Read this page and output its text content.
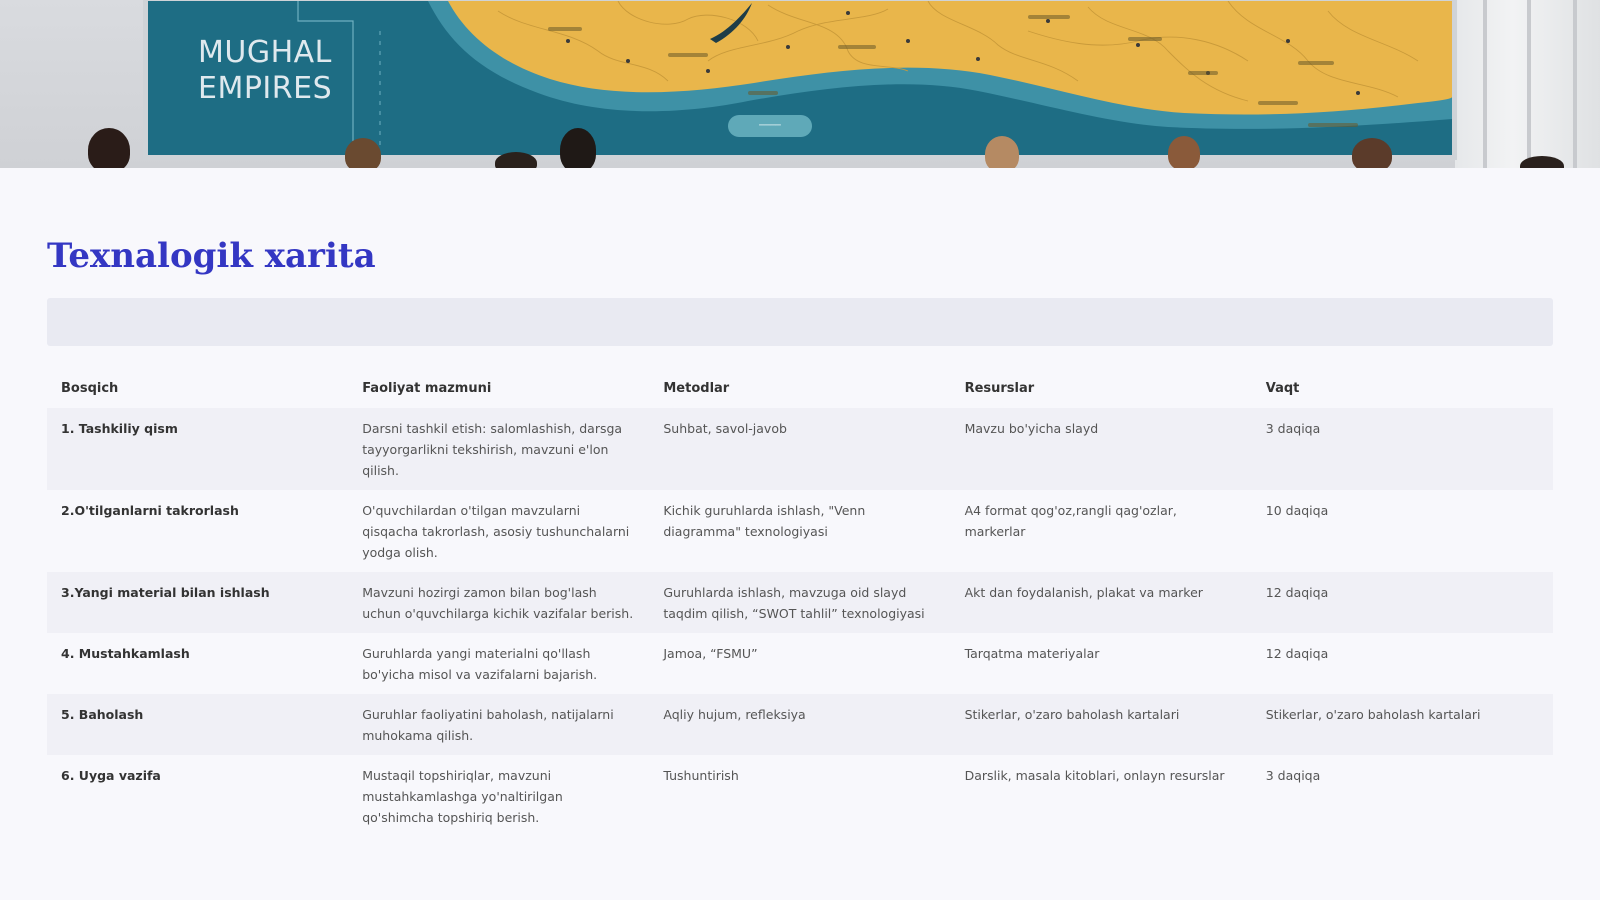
MUGHAL
EMPIRES
────
Texnalogik xarita
Bosqich	Faoliyat mazmuni	Metodlar	Resurslar	Vaqt
1. Tashkiliy qism	Darsni tashkil etish: salomlashish, darsga tayyorgarlikni tekshirish, mavzuni e'lon qilish.	Suhbat, savol-javob	Mavzu bo'yicha slayd	3 daqiqa
2.O'tilganlarni takrorlash	O'quvchilardan o'tilgan mavzularni qisqacha takrorlash, asosiy tushunchalarni yodga olish.	Kichik guruhlarda ishlash, "Venn diagramma" texnologiyasi	A4 format qog'oz,rangli qag'ozlar, markerlar	10 daqiqa
3.Yangi material bilan ishlash	Mavzuni hozirgi zamon bilan bog'lash uchun o'quvchilarga kichik vazifalar berish.	Guruhlarda ishlash, mavzuga oid slayd taqdim qilish, “SWOT tahlil” texnologiyasi	Akt dan foydalanish, plakat va marker	12 daqiqa
4. Mustahkamlash	Guruhlarda yangi materialni qo'llash bo'yicha misol va vazifalarni bajarish.	Jamoa, “FSMU”	Tarqatma materiyalar	12 daqiqa
5. Baholash	Guruhlar faoliyatini baholash, natijalarni muhokama qilish.	Aqliy hujum, refleksiya	Stikerlar, o'zaro baholash kartalari	Stikerlar, o'zaro baholash kartalari
6. Uyga vazifa	Mustaqil topshiriqlar, mavzuni mustahkamlashga yo'naltirilgan qo'shimcha topshiriq berish.	Tushuntirish	Darslik, masala kitoblari, onlayn resurslar	3 daqiqa
